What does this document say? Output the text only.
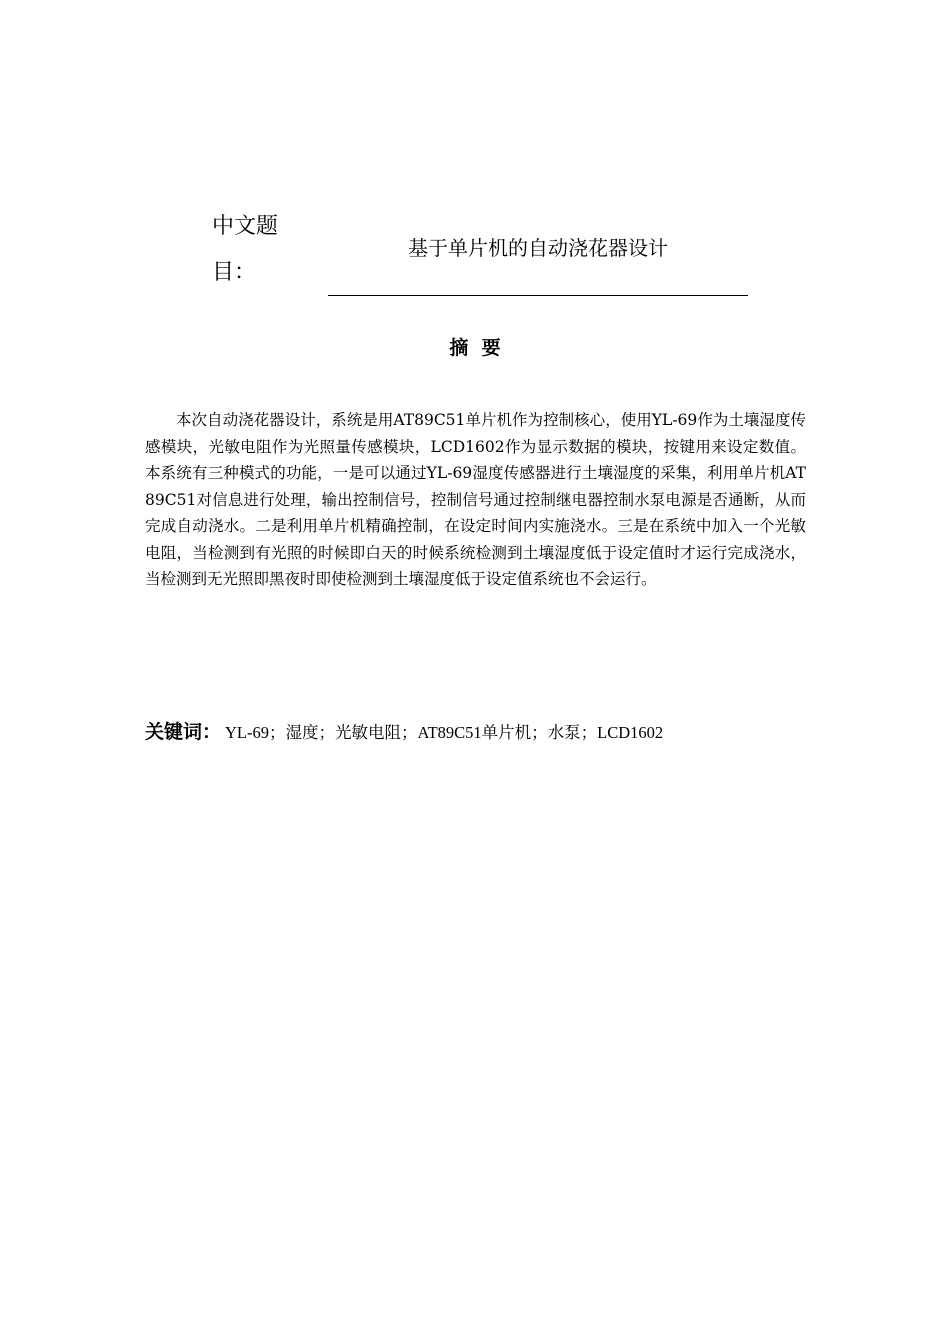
中文题目：
基于单片机的自动浇花器设计
摘  要

本次自动浇花器设计，系统是用AT89C51单片机作为控制核心，使用YL-69作为土壤湿度传感模块，光敏电阻作为光照量传感模块，LCD1602作为显示数据的模块，按键用来设定数值。本系统有三种模式的功能，一是可以通过YL-69湿度传感器进行土壤湿度的采集，利用单片机AT89C51对信息进行处理，输出控制信号，控制信号通过控制继电器控制水泵电源是否通断，从而完成自动浇水。二是利用单片机精确控制，在设定时间内实施浇水。三是在系统中加入一个光敏电阻，当检测到有光照的时候即白天的时候系统检测到土壤湿度低于设定值时才运行完成浇水，当检测到无光照即黑夜时即使检测到土壤湿度低于设定值系统也不会运行。

关键词： YL-69；湿度；光敏电阻；AT89C51单片机；水泵；LCD1602
